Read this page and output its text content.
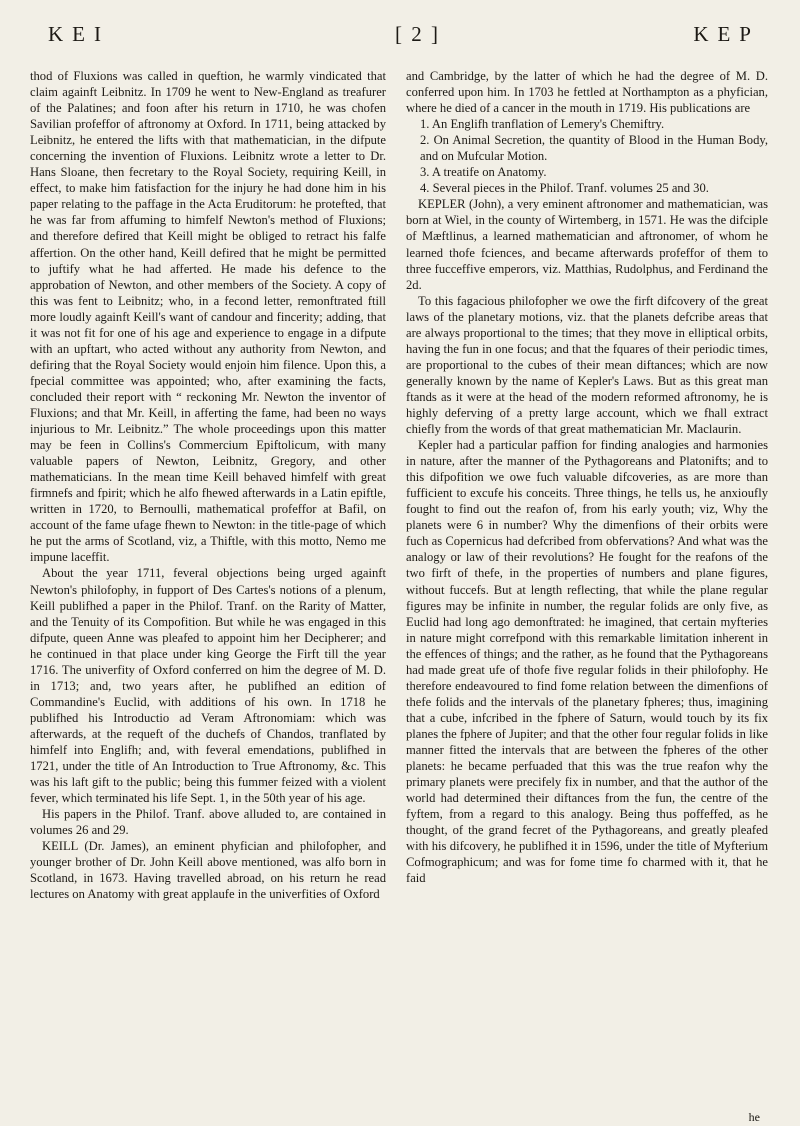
KEI	[ 2 ]	KEP

thod of Fluxions was called in queftion, he warmly vindicated that claim againft Leibnitz. In 1709 he went to New-England as treafurer of the Palatines; and foon after his return in 1710, he was chofen Savilian profeffor of aftronomy at Oxford. In 1711, being attacked by Leibnitz, he entered the lifts with that mathematician, in the difpute concerning the invention of Fluxions. Leibnitz wrote a letter to Dr. Hans Sloane, then fecretary to the Royal Society, requiring Keill, in effect, to make him fatisfaction for the injury he had done him in his paper relating to the paffage in the Acta Eruditorum: he protefted, that he was far from affuming to himfelf Newton's method of Fluxions; and therefore defired that Keill might be obliged to retract his falfe affertion. On the other hand, Keill defired that he might be permitted to juftify what he had afferted. He made his defence to the approbation of Newton, and other members of the Society. A copy of this was fent to Leibnitz; who, in a fecond letter, remonftrated ftill more loudly againft Keill's want of candour and fincerity; adding, that it was not fit for one of his age and experience to engage in a difpute with an upftart, who acted without any authority from Newton, and defiring that the Royal Society would enjoin him filence. Upon this, a fpecial committee was appointed; who, after examining the facts, concluded their report with “ reckoning Mr. Newton the inventor of Fluxions; and that Mr. Keill, in afferting the fame, had been no ways injurious to Mr. Leibnitz.” The whole proceedings upon this matter may be feen in Collins's Commercium Epiftolicum, with many valuable papers of Newton, Leibnitz, Gregory, and other mathematicians. In the mean time Keill behaved himfelf with great firmnefs and fpirit; which he alfo fhewed afterwards in a Latin epiftle, written in 1720, to Bernoulli, mathematical profeffor at Bafil, on account of the fame ufage fhewn to Newton: in the title-page of which he put the arms of Scotland, viz, a Thiftle, with this motto, Nemo me impune laceffit.

About the year 1711, feveral objections being urged againft Newton's philofophy, in fupport of Des Cartes's notions of a plenum, Keill publifhed a paper in the Philof. Tranf. on the Rarity of Matter, and the Tenuity of its Compofition. But while he was engaged in this difpute, queen Anne was pleafed to appoint him her Decipherer; and he continued in that place under king George the Firft till the year 1716. The univerfity of Oxford conferred on him the degree of M. D. in 1713; and, two years after, he publifhed an edition of Commandine's Euclid, with additions of his own. In 1718 he publifhed his Introductio ad Veram Aftronomiam: which was afterwards, at the requeft of the duchefs of Chandos, tranflated by himfelf into Englifh; and, with feveral emendations, publifhed in 1721, under the title of An Introduction to True Aftronomy, &c. This was his laft gift to the public; being this fummer feized with a violent fever, which terminated his life Sept. 1, in the 50th year of his age.

His papers in the Philof. Tranf. above alluded to, are contained in volumes 26 and 29.

KEILL (Dr. James), an eminent phyfician and philofopher, and younger brother of Dr. John Keill above mentioned, was alfo born in Scotland, in 1673. Having travelled abroad, on his return he read lectures on Anatomy with great applaufe in the univerfities of Oxford

and Cambridge, by the latter of which he had the degree of M. D. conferred upon him. In 1703 he fettled at Northampton as a phyfician, where he died of a cancer in the mouth in 1719. His publications are

1. An Englifh tranflation of Lemery's Chemiftry.
2. On Animal Secretion, the quantity of Blood in the Human Body, and on Mufcular Motion.
3. A treatife on Anatomy.
4. Several pieces in the Philof. Tranf. volumes 25 and 30.

KEPLER (John), a very eminent aftronomer and mathematician, was born at Wiel, in the county of Wirtemberg, in 1571. He was the difciple of Mæftlinus, a learned mathematician and aftronomer, of whom he learned thofe fciences, and became afterwards profeffor of them to three fucceffive emperors, viz. Matthias, Rudolphus, and Ferdinand the 2d.

To this fagacious philofopher we owe the firft difcovery of the great laws of the planetary motions, viz. that the planets defcribe areas that are always proportional to the times; that they move in elliptical orbits, having the fun in one focus; and that the fquares of their periodic times, are proportional to the cubes of their mean diftances; which are now generally known by the name of Kepler's Laws. But as this great man ftands as it were at the head of the modern reformed aftronomy, he is highly deferving of a pretty large account, which we fhall extract chiefly from the words of that great mathematician Mr. Maclaurin.

Kepler had a particular paffion for finding analogies and harmonies in nature, after the manner of the Pythagoreans and Platonifts; and to this difpofition we owe fuch valuable difcoveries, as are more than fufficient to excufe his conceits. Three things, he tells us, he anxioufly fought to find out the reafon of, from his early youth; viz, Why the planets were 6 in number? Why the dimenfions of their orbits were fuch as Copernicus had defcribed from obfervations? And what was the analogy or law of their revolutions? He fought for the reafons of the two firft of thefe, in the properties of numbers and plane figures, without fuccefs. But at length reflecting, that while the plane regular figures may be infinite in number, the regular folids are only five, as Euclid had long ago demonftrated: he imagined, that certain myfteries in nature might correfpond with this remarkable limitation inherent in the effences of things; and the rather, as he found that the Pythagoreans had made great ufe of thofe five regular folids in their philofophy. He therefore endeavoured to find fome relation between the dimenfions of thefe folids and the intervals of the planetary fpheres; thus, imagining that a cube, infcribed in the fphere of Saturn, would touch by its fix planes the fphere of Jupiter; and that the other four regular folids in like manner fitted the intervals that are between the fpheres of the other planets: he became perfuaded that this was the true reafon why the primary planets were precifely fix in number, and that the author of the world had determined their diftances from the fun, the centre of the fyftem, from a regard to this analogy. Being thus poffeffed, as he thought, of the grand fecret of the Pythagoreans, and greatly pleafed with his difcovery, he publifhed it in 1596, under the title of Myfterium Cofmographicum; and was for fome time fo charmed with it, that he faid

he
